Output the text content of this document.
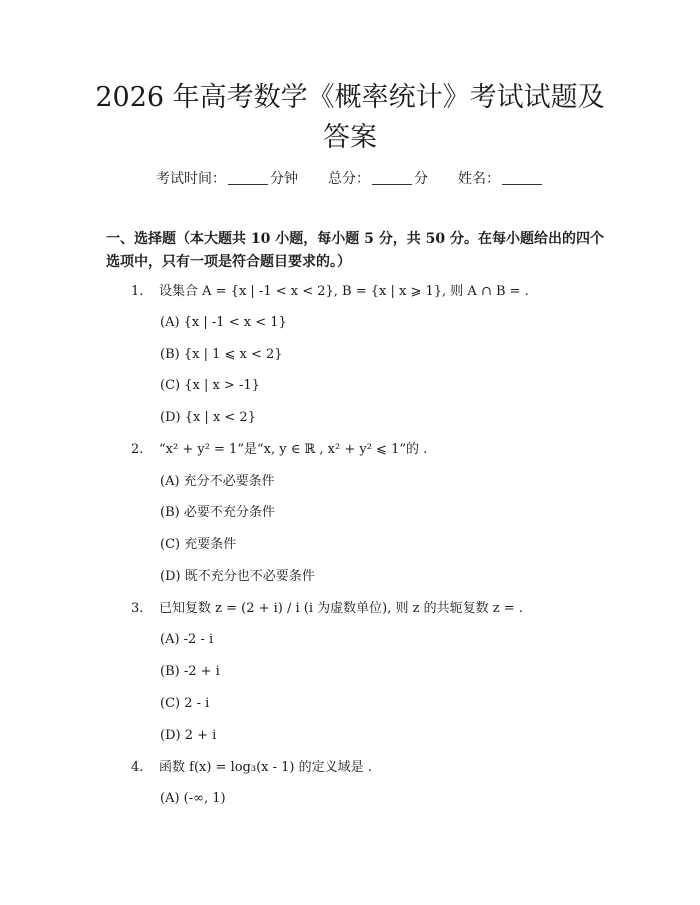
2026 年高考数学《概率统计》考试试题及答案
考试时间：	分钟 总分：	分 姓名：
一、选择题（本大题共 10 小题，每小题 5 分，共 50 分。在每小题给出的四个选项中，只有一项是符合题目要求的。）
1. 设集合 A = {x | -1 < x < 2}, B = {x | x ⩾ 1}, 则 A ∩ B = .
(A) {x | -1 < x < 1}
(B) {x | 1 ⩽ x < 2}
(C) {x | x > -1}
(D) {x | x < 2}
2. “x² + y² = 1”是“x, y ∈ ℝ , x² + y² ⩽ 1”的 .
(A) 充分不必要条件
(B) 必要不充分条件
(C) 充要条件
(D) 既不充分也不必要条件
3. 已知复数 z = (2 + i) / i (i 为虚数单位), 则 z 的共轭复数 z = .
(A) -2 - i
(B) -2 + i
(C) 2 - i
(D) 2 + i
4. 函数 f(x) = log₃(x - 1) 的定义域是 .
(A) (-∞, 1)
